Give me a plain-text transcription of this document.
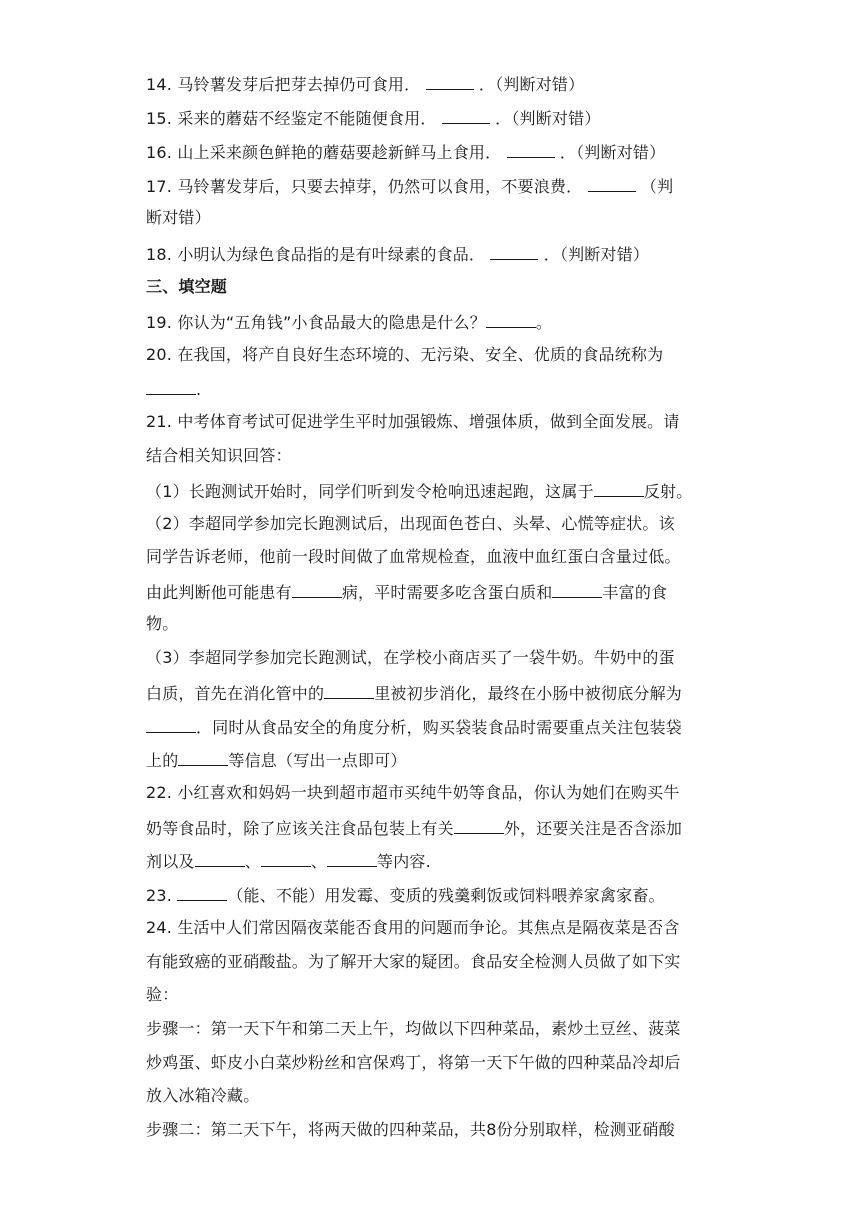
14. 马铃薯发芽后把芽去掉仍可食用．	．（判断对错）
15. 采来的蘑菇不经鉴定不能随便食用．	．（判断对错）
16. 山上采来颜色鲜艳的蘑菇要趁新鲜马上食用．	．（判断对错）
17. 马铃薯发芽后，只要去掉芽，仍然可以食用，不要浪费．	（判
断对错）
18. 小明认为绿色食品指的是有叶绿素的食品．	．（判断对错）
三、填空题
19. 你认为“五角钱”小食品最大的隐患是什么？	。
20. 在我国，将产自良好生态环境的、无污染、安全、优质的食品统称为
.
21. 中考体育考试可促进学生平时加强锻炼、增强体质，做到全面发展。请
结合相关知识回答：
（1）长跑测试开始时，同学们听到发令枪响迅速起跑，这属于	反射。
（2）李超同学参加完长跑测试后，出现面色苍白、头晕、心慌等症状。该
同学告诉老师，他前一段时间做了血常规检查，血液中血红蛋白含量过低。
由此判断他可能患有	病，平时需要多吃含蛋白质和	丰富的食
物。
（3）李超同学参加完长跑测试，在学校小商店买了一袋牛奶。牛奶中的蛋
白质，首先在消化管中的	里被初步消化，最终在小肠中被彻底分解为
．同时从食品安全的角度分析，购买袋装食品时需要重点关注包装袋
上的	等信息（写出一点即可）
22. 小红喜欢和妈妈一块到超市超市买纯牛奶等食品，你认为她们在购买牛
奶等食品时，除了应该关注食品包装上有关	外，还要关注是否含添加
剂以及	、	、	等内容.
23.	（能、不能）用发霉、变质的残羹剩饭或饲料喂养家禽家畜。
24. 生活中人们常因隔夜菜能否食用的问题而争论。其焦点是隔夜菜是否含
有能致癌的亚硝酸盐。为了解开大家的疑团。食品安全检测人员做了如下实
验：
步骤一：第一天下午和第二天上午，均做以下四种菜品，素炒土豆丝、菠菜
炒鸡蛋、虾皮小白菜炒粉丝和宫保鸡丁，将第一天下午做的四种菜品冷却后
放入冰箱冷藏。
步骤二：第二天下午，将两天做的四种菜品，共8份分别取样，检测亚硝酸
